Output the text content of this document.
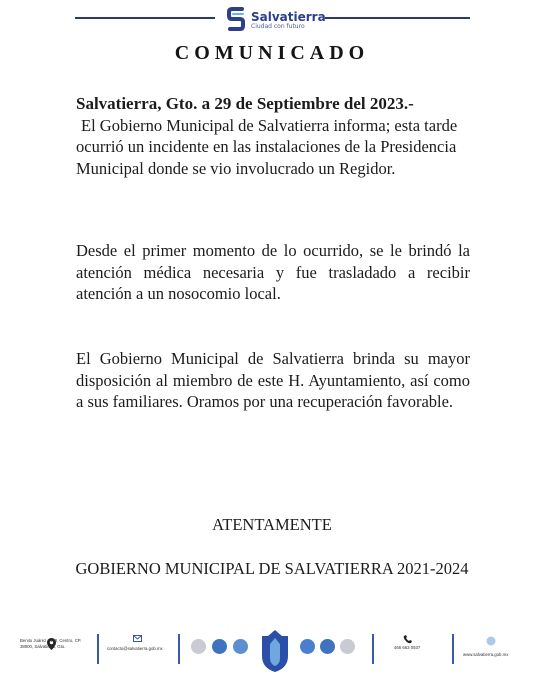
Salvatierra
Ciudad con futuro
COMUNICADO
Salvatierra, Gto. a 29 de Septiembre del 2023.-
El Gobierno Municipal de Salvatierra informa; esta tarde ocurrió un incidente en las instalaciones de la Presidencia Municipal donde se vio involucrado un Regidor.
Desde el primer momento de lo ocurrido, se le brindó la atención médica necesaria y fue trasladado a recibir atención a un nosocomio local.
El Gobierno Municipal de Salvatierra brinda su mayor disposición al miembro de este H. Ayuntamiento, así como a sus familiares. Oramos por una recuperación favorable.
ATENTAMENTE
GOBIERNO MUNICIPAL DE SALVATIERRA 2021-2024
Benito Juárez #408, Centro, CP. 38900, Salvatierra, Gto.	contacto@salvatierra.gob.mx	466 663 0937
www.salvatierra.gob.mx
